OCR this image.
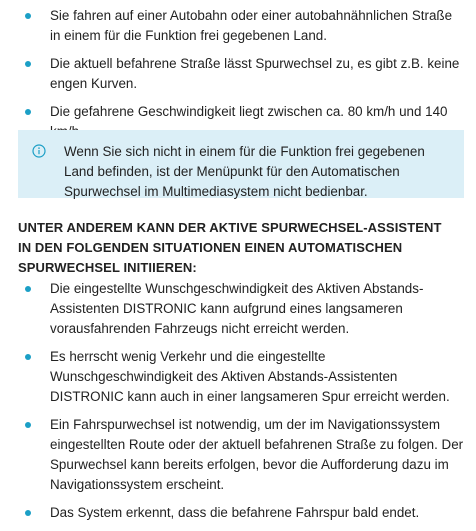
Sie fahren auf einer Autobahn oder einer autobahnähnlichen Straße in einem für die Funktion frei gegebenen Land.
Die aktuell befahrene Straße lässt Spurwechsel zu, es gibt z.B. keine engen Kurven.
Die gefahrene Geschwindigkeit liegt zwischen ca. 80 km/h und 140
Wenn Sie sich nicht in einem für die Funktion frei gegebenen Land befinden, ist der Menüpunkt für den Automatischen Spurwechsel im Multimediasystem nicht bedienbar.
UNTER ANDEREM KANN DER AKTIVE SPURWECHSEL-ASSISTENT IN DEN FOLGENDEN SITUATIONEN EINEN AUTOMATISCHEN SPURWECHSEL INITIIEREN:
Die eingestellte Wunschgeschwindigkeit des Aktiven Abstands-Assistenten DISTRONIC kann aufgrund eines langsameren vorausfahrenden Fahrzeugs nicht erreicht werden.
Es herrscht wenig Verkehr und die eingestellte Wunschgeschwindigkeit des Aktiven Abstands-Assistenten DISTRONIC kann auch in einer langsameren Spur erreicht werden.
Ein Fahrspurwechsel ist notwendig, um der im Navigationssystem eingestellten Route oder der aktuell befahrenen Straße zu folgen. Der Spurwechsel kann bereits erfolgen, bevor die Aufforderung dazu im Navigationssystem erscheint.
Das System erkennt, dass die befahrene Fahrspur bald endet.
